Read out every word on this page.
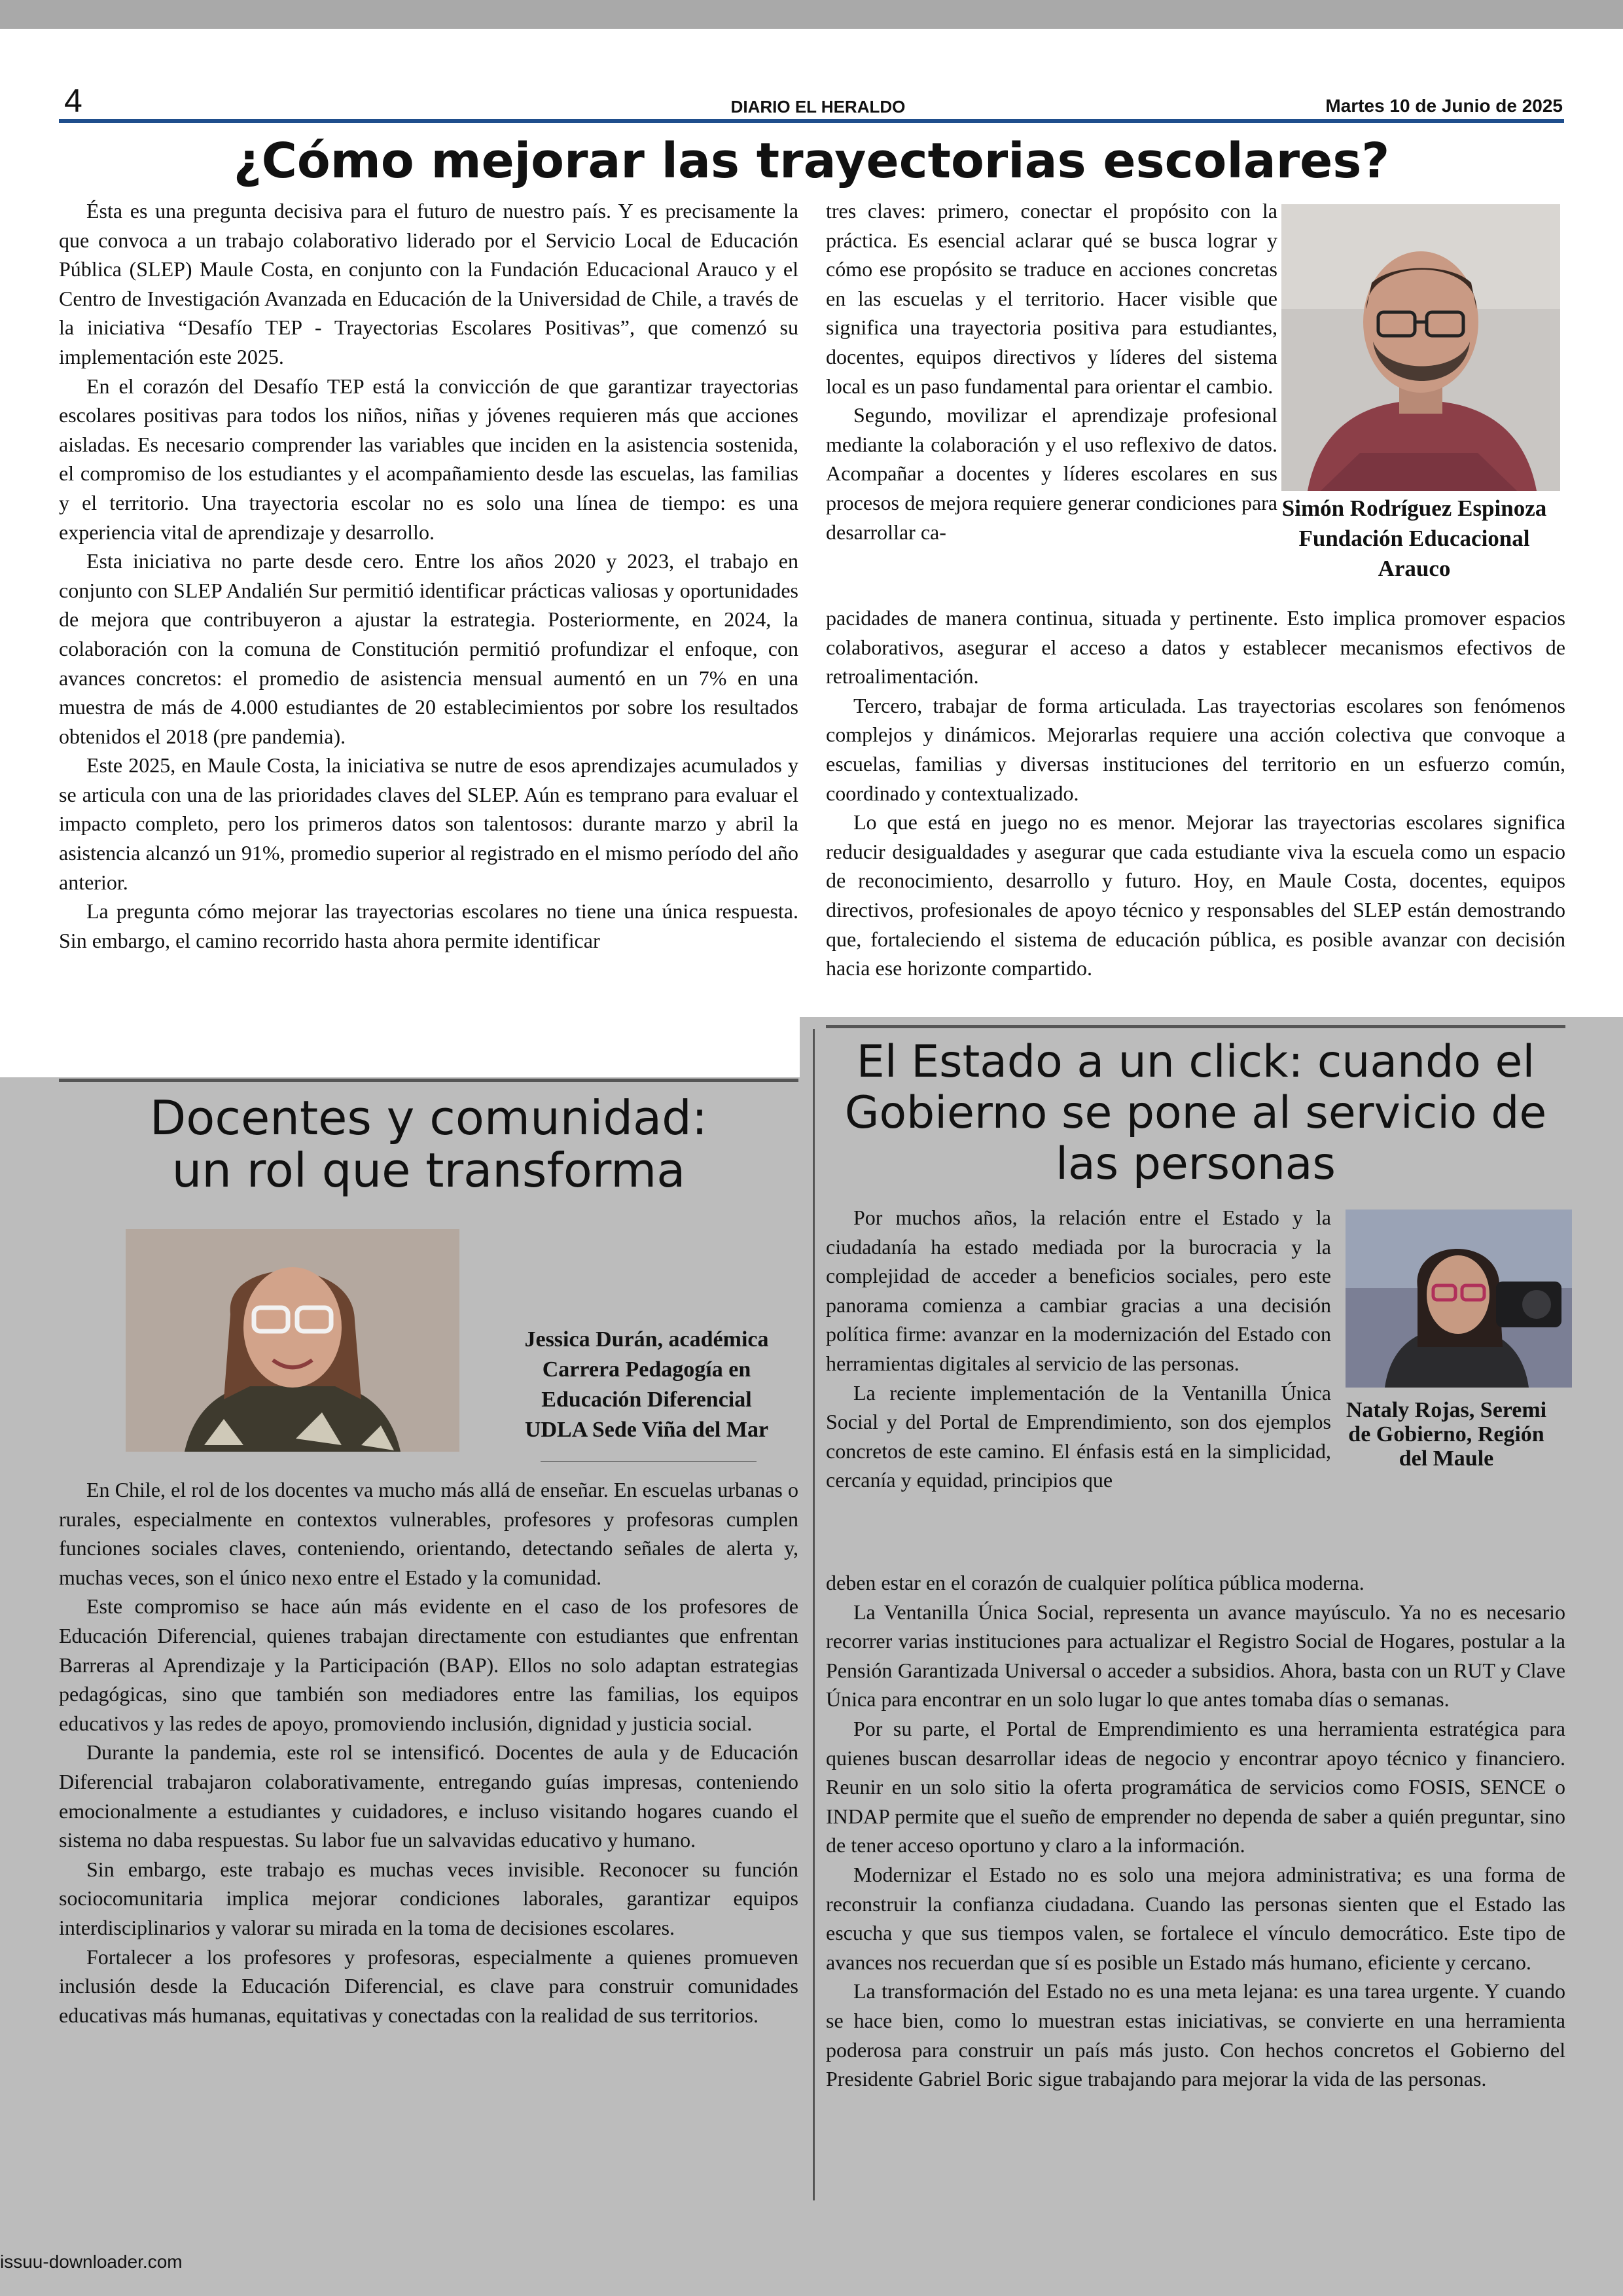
4	DIARIO EL HERALDO	Martes 10 de Junio de 2025
¿Cómo mejorar las trayectorias escolares?

Ésta es una pregunta decisiva para el futuro de nuestro país. Y es precisamente la que convoca a un trabajo colaborativo liderado por el Servicio Local de Educación Pública (SLEP) Maule Costa, en conjunto con la Fundación Educacional Arauco y el Centro de Investigación Avanzada en Educación de la Universidad de Chile, a través de la iniciativa “Desafío TEP - Trayectorias Escolares Positivas”, que comenzó su implementación este 2025.

En el corazón del Desafío TEP está la convicción de que garantizar trayectorias escolares positivas para todos los niños, niñas y jóvenes requieren más que acciones aisladas. Es necesario comprender las variables que inciden en la asistencia sostenida, el compromiso de los estudiantes y el acompañamiento desde las escuelas, las familias y el territorio. Una trayectoria escolar no es solo una línea de tiempo: es una experiencia vital de aprendizaje y desarrollo.

Esta iniciativa no parte desde cero. Entre los años 2020 y 2023, el trabajo en conjunto con SLEP Andalién Sur permitió identificar prácticas valiosas y oportunidades de mejora que contribuyeron a ajustar la estrategia. Posteriormente, en 2024, la colaboración con la comuna de Constitución permitió profundizar el enfoque, con avances concretos: el promedio de asistencia mensual aumentó en un 7% en una muestra de más de 4.000 estudiantes de 20 establecimientos por sobre los resultados obtenidos el 2018 (pre pandemia).

Este 2025, en Maule Costa, la iniciativa se nutre de esos aprendizajes acumulados y se articula con una de las prioridades claves del SLEP. Aún es temprano para evaluar el impacto completo, pero los primeros datos son talentosos: durante marzo y abril la asistencia alcanzó un 91%, promedio superior al registrado en el mismo período del año anterior.

La pregunta cómo mejorar las trayectorias escolares no tiene una única respuesta. Sin embargo, el camino recorrido hasta ahora permite identificar

tres claves: primero, conectar el propósito con la práctica. Es esencial aclarar qué se busca lograr y cómo ese propósito se traduce en acciones concretas en las escuelas y el territorio. Hacer visible que significa una trayectoria positiva para estudiantes, docentes, equipos directivos y líderes del sistema local es un paso fundamental para orientar el cambio.

Segundo, movilizar el aprendizaje profesional mediante la colaboración y el uso reflexivo de datos. Acompañar a docentes y líderes escolares en sus procesos de mejora requiere generar condiciones para desarrollar ca-

Simón Rodríguez Espinoza
Fundación Educacional
Arauco

pacidades de manera continua, situada y pertinente. Esto implica promover espacios colaborativos, asegurar el acceso a datos y establecer mecanismos efectivos de retroalimentación.

Tercero, trabajar de forma articulada. Las trayectorias escolares son fenómenos complejos y dinámicos. Mejorarlas requiere una acción colectiva que convoque a escuelas, familias y diversas instituciones del territorio en un esfuerzo común, coordinado y contextualizado.

Lo que está en juego no es menor. Mejorar las trayectorias escolares significa reducir desigualdades y asegurar que cada estudiante viva la escuela como un espacio de reconocimiento, desarrollo y futuro. Hoy, en Maule Costa, docentes, equipos directivos, profesionales de apoyo técnico y responsables del SLEP están demostrando que, fortaleciendo el sistema de educación pública, es posible avanzar con decisión hacia ese horizonte compartido.

Docentes y comunidad:
un rol que transforma
Jessica Durán, académica
Carrera Pedagogía en
Educación Diferencial
UDLA Sede Viña del Mar

En Chile, el rol de los docentes va mucho más allá de enseñar. En escuelas urbanas o rurales, especialmente en contextos vulnerables, profesores y profesoras cumplen funciones sociales claves, conteniendo, orientando, detectando señales de alerta y, muchas veces, son el único nexo entre el Estado y la comunidad.

Este compromiso se hace aún más evidente en el caso de los profesores de Educación Diferencial, quienes trabajan directamente con estudiantes que enfrentan Barreras al Aprendizaje y la Participación (BAP). Ellos no solo adaptan estrategias pedagógicas, sino que también son mediadores entre las familias, los equipos educativos y las redes de apoyo, promoviendo inclusión, dignidad y justicia social.

Durante la pandemia, este rol se intensificó. Docentes de aula y de Educación Diferencial trabajaron colaborativamente, entregando guías impresas, conteniendo emocionalmente a estudiantes y cuidadores, e incluso visitando hogares cuando el sistema no daba respuestas. Su labor fue un salvavidas educativo y humano.

Sin embargo, este trabajo es muchas veces invisible. Reconocer su función sociocomunitaria implica mejorar condiciones laborales, garantizar equipos interdisciplinarios y valorar su mirada en la toma de decisiones escolares.

Fortalecer a los profesores y profesoras, especialmente a quienes promueven inclusión desde la Educación Diferencial, es clave para construir comunidades educativas más humanas, equitativas y conectadas con la realidad de sus territorios.

El Estado a un click: cuando el
Gobierno se pone al servicio de
las personas

Por muchos años, la relación entre el Estado y la ciudadanía ha estado mediada por la burocracia y la complejidad de acceder a beneficios sociales, pero este panorama comienza a cambiar gracias a una decisión política firme: avanzar en la modernización del Estado con herramientas digitales al servicio de las personas.

La reciente implementación de la Ventanilla Única Social y del Portal de Emprendimiento, son dos ejemplos concretos de este camino. El énfasis está en la simplicidad, cercanía y equidad, principios que

Nataly Rojas, Seremi
de Gobierno, Región
del Maule

deben estar en el corazón de cualquier política pública moderna.

La Ventanilla Única Social, representa un avance mayúsculo. Ya no es necesario recorrer varias instituciones para actualizar el Registro Social de Hogares, postular a la Pensión Garantizada Universal o acceder a subsidios. Ahora, basta con un RUT y Clave Única para encontrar en un solo lugar lo que antes tomaba días o semanas.

Por su parte, el Portal de Emprendimiento es una herramienta estratégica para quienes buscan desarrollar ideas de negocio y encontrar apoyo técnico y financiero. Reunir en un solo sitio la oferta programática de servicios como FOSIS, SENCE o INDAP permite que el sueño de emprender no dependa de saber a quién preguntar, sino de tener acceso oportuno y claro a la información.

Modernizar el Estado no es solo una mejora administrativa; es una forma de reconstruir la confianza ciudadana. Cuando las personas sienten que el Estado las escucha y que sus tiempos valen, se fortalece el vínculo democrático. Este tipo de avances nos recuerdan que sí es posible un Estado más humano, eficiente y cercano.

La transformación del Estado no es una meta lejana: es una tarea urgente. Y cuando se hace bien, como lo muestran estas iniciativas, se convierte en una herramienta poderosa para construir un país más justo. Con hechos concretos el Gobierno del Presidente Gabriel Boric sigue trabajando para mejorar la vida de las personas.

issuu-downloader.com
